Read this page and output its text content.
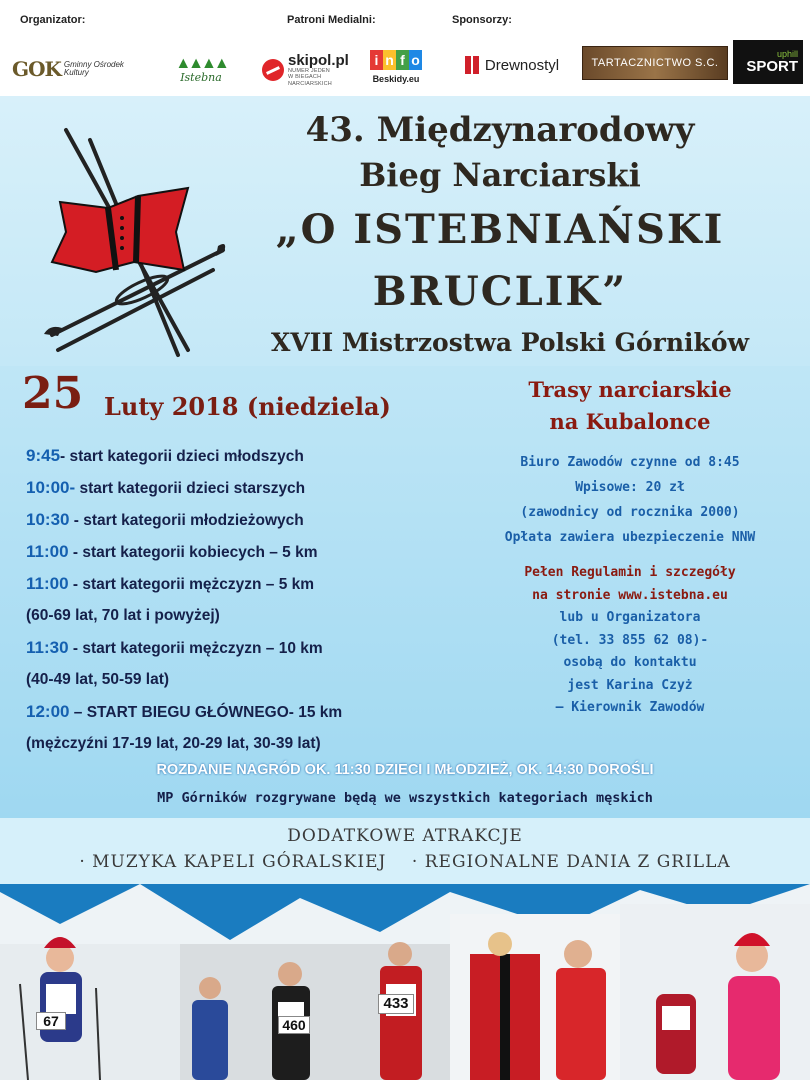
Organizator:	Patroni Medialni:	Sponsorzy:
GOK Gminny Ośrodek Kultury
▲▲▲▲
Istebna
skipol.pl
NUMER JEDEN
W BIEGACH NARCIARSKICH
i n f o
Beskidy.eu
Drewnostyl	TARTACZNICTWO S.C.
uphill
SPORT
43. Międzynarodowy
Bieg Narciarski
„O ISTEBNIAŃSKI
BRUCLIK”
XVII Mistrzostwa Polski Górników
25 Luty 2018 (niedziela)
9:45- start kategorii dzieci młodszych
10:00- start kategorii dzieci starszych
10:30 - start kategorii młodzieżowych
11:00 - start kategorii kobiecych – 5 km
11:00 - start kategorii mężczyzn – 5 km
(60-69 lat, 70 lat i powyżej)
11:30 - start kategorii mężczyzn – 10 km
(40-49 lat, 50-59 lat)
12:00 – START BIEGU GŁÓWNEGO- 15 km
(mężczyźni 17-19 lat, 20-29 lat, 30-39 lat)
Trasy narciarskie
na Kubalonce
Biuro Zawodów czynne od 8:45
Wpisowe: 20 zł
(zawodnicy od rocznika 2000)
Opłata zawiera ubezpieczenie NNW
Pełen Regulamin i szczegóły
na stronie www.istebna.eu
lub u Organizatora
(tel. 33 855 62 08)-
osobą do kontaktu
jest Karina Czyż
– Kierownik Zawodów
ROZDANIE NAGRÓD OK. 11:30 DZIECI I MŁODZIEŻ, OK. 14:30 DOROŚLI
MP Górników rozgrywane będą we wszystkich kategoriach męskich
DODATKOWE ATRAKCJE
· MUZYKA KAPELI GÓRALSKIEJ    · REGIONALNE DANIA Z GRILLA
67	460
433
